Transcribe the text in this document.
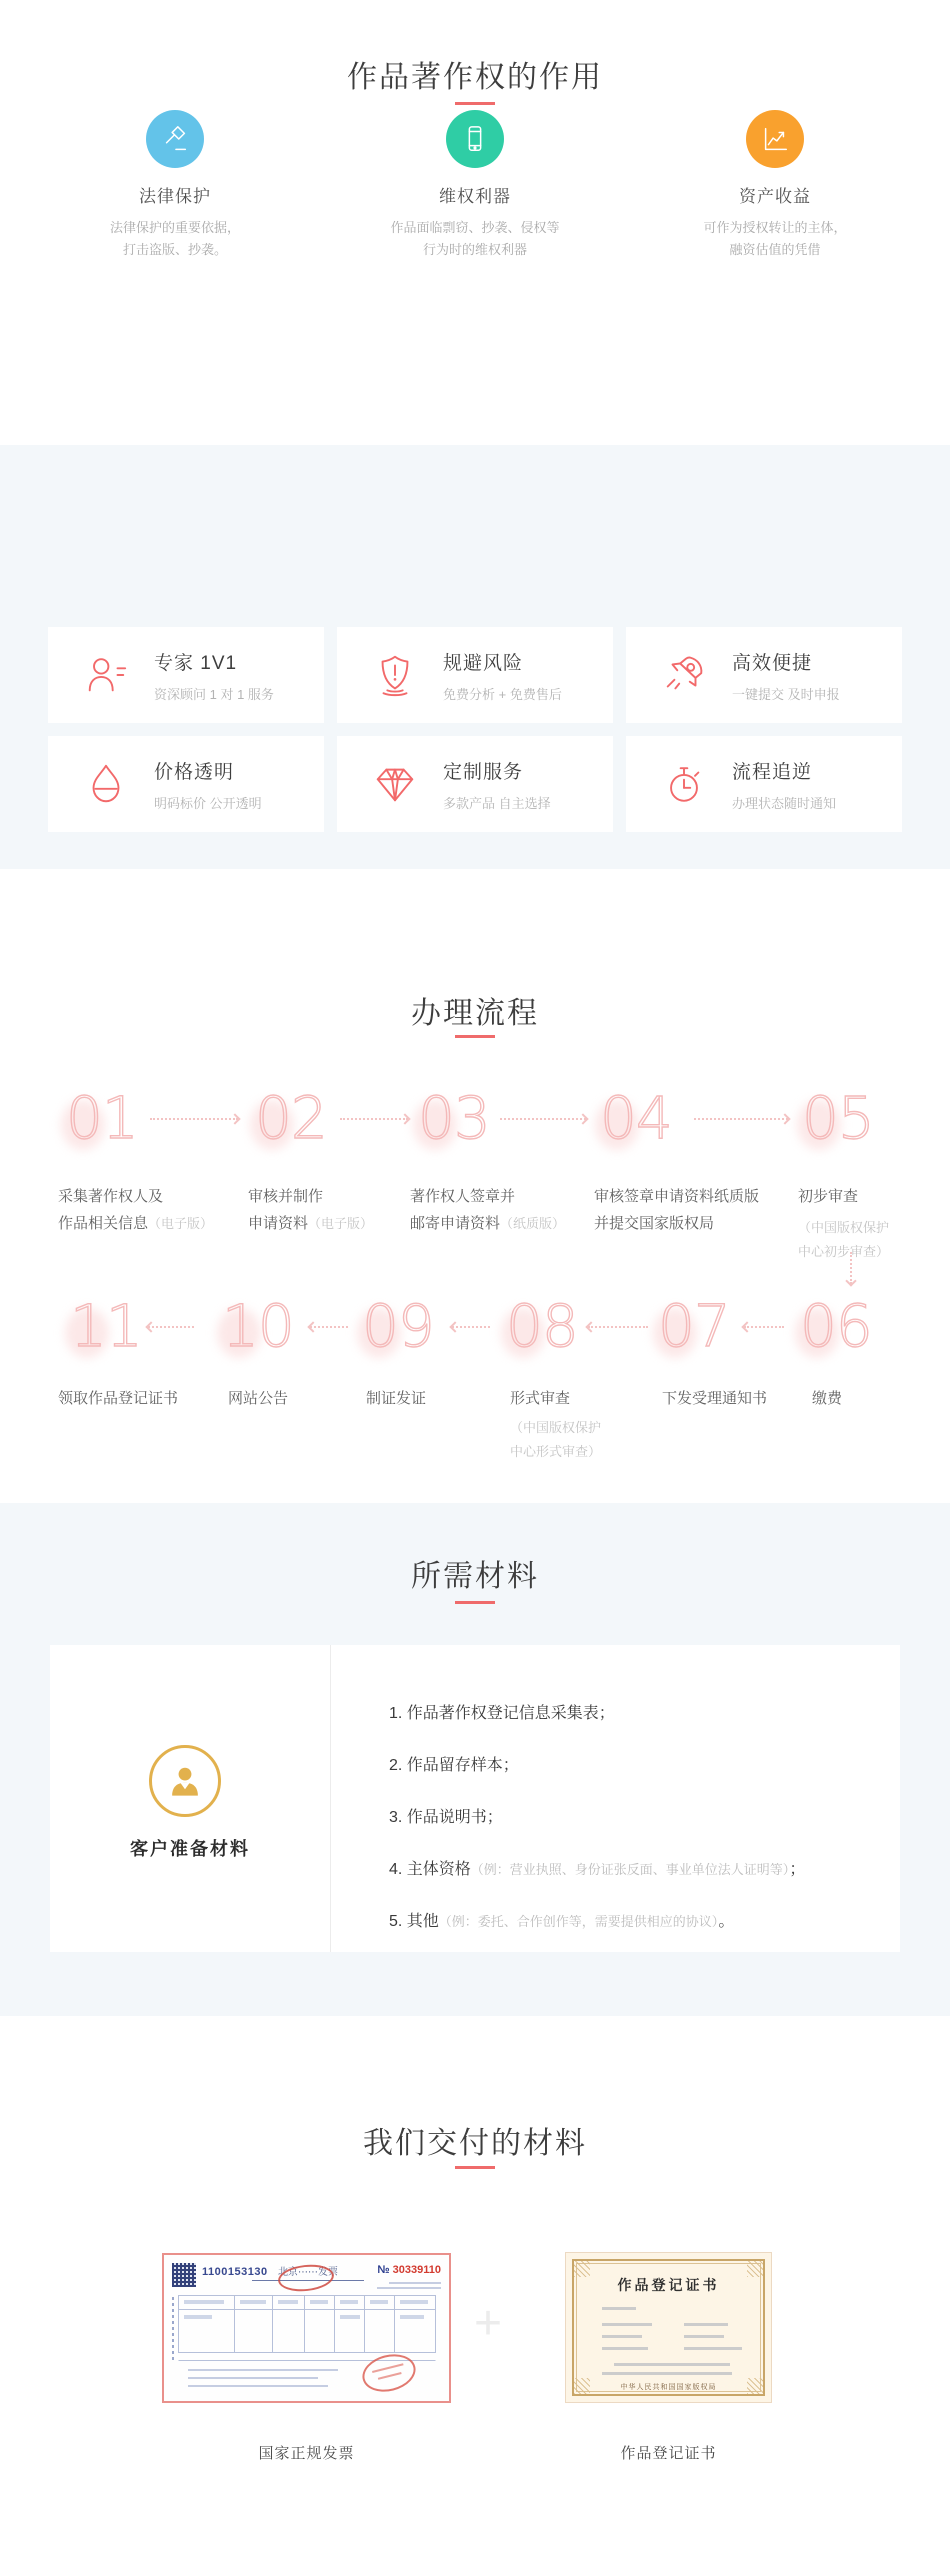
作品著作权的作用
法律保护
法律保护的重要依据，
打击盗版、抄袭。
维权利器
作品面临剽窃、抄袭、侵权等
行为时的维权利器
资产收益
可作为授权转让的主体，
融资估值的凭借
专家 1V1
资深顾问 1 对 1 服务
规避风险
免费分析 + 免费售后
高效便捷
一键提交 及时申报
价格透明
明码标价 公开透明
定制服务
多款产品 自主选择
流程追逆
办理状态随时通知
办理流程
01 02 03 04 05
采集著作权人及
作品相关信息（电子版）
审核并制作
申请资料（电子版）
著作权人签章并
邮寄申请资料（纸质版）
审核签章申请资料纸质版
并提交国家版权局
初步审查
（中国版权保护
中心初步审查）
11 10 09 08 07 06
领取作品登记证书	网站公告	制证发证	形式审查
（中国版权保护
中心形式审查）
下发受理通知书	缴费
所需材料
客户准备材料
1. 作品著作权登记信息采集表；
2. 作品留存样本；
3. 作品说明书；
4. 主体资格（例：营业执照、身份证张反面、事业单位法人证明等）；
5. 其他（例：委托、合作创作等，需要提供相应的协议）。
我们交付的材料
1100153130	北京⋯⋯发票	№ 30339110
+
作品登记证书
中华人民共和国国家版权局
国家正规发票	作品登记证书
